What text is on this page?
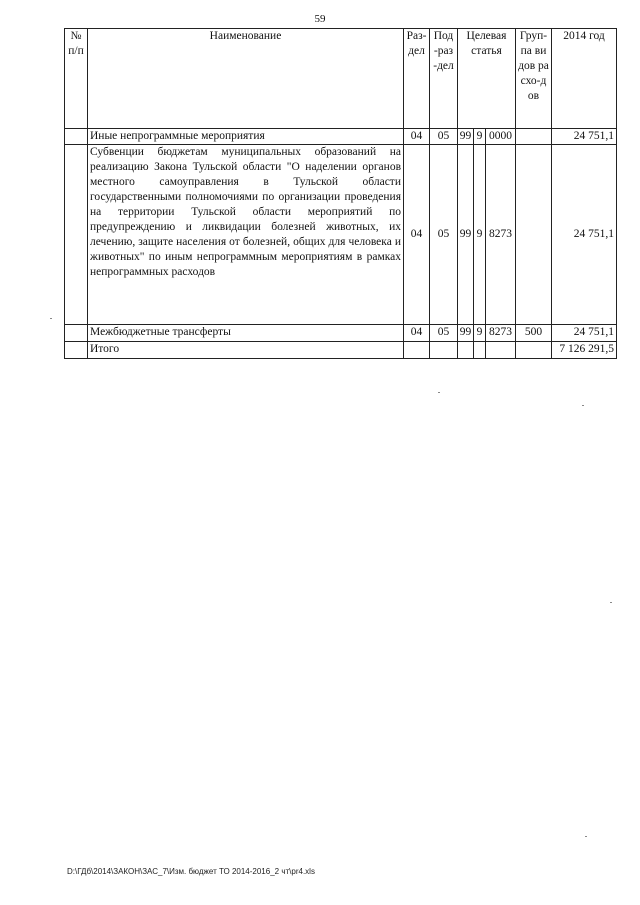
59
№ п/п	Наименование	Раз-дел	Под-раз-дел	Целевая статья			Груп-па видов расхо-дов	2014 год
	Иные непрограммные мероприятия	04	05	99	9	0000		24 751,1
	Субвенции бюджетам муниципальных образований на реализацию Закона Тульской области "О наделении органов местного самоуправления в Тульской области государственными полномочиями по организации проведения на территории Тульской области мероприятий по предупреждению и ликвидации болезней животных, их лечению, защите населения от болезней, общих для человека и животных" по иным непрограммным мероприятиям в рамках непрограммных расходов	04	05	99	9	8273		24 751,1
	Межбюджетные трансферты	04	05	99	9	8273	500	24 751,1
	Итого							7 126 291,5
D:\ГДб\2014\ЗАКОН\ЗАС_7\Изм. бюджет ТО 2014-2016_2 чт\pr4.xls
